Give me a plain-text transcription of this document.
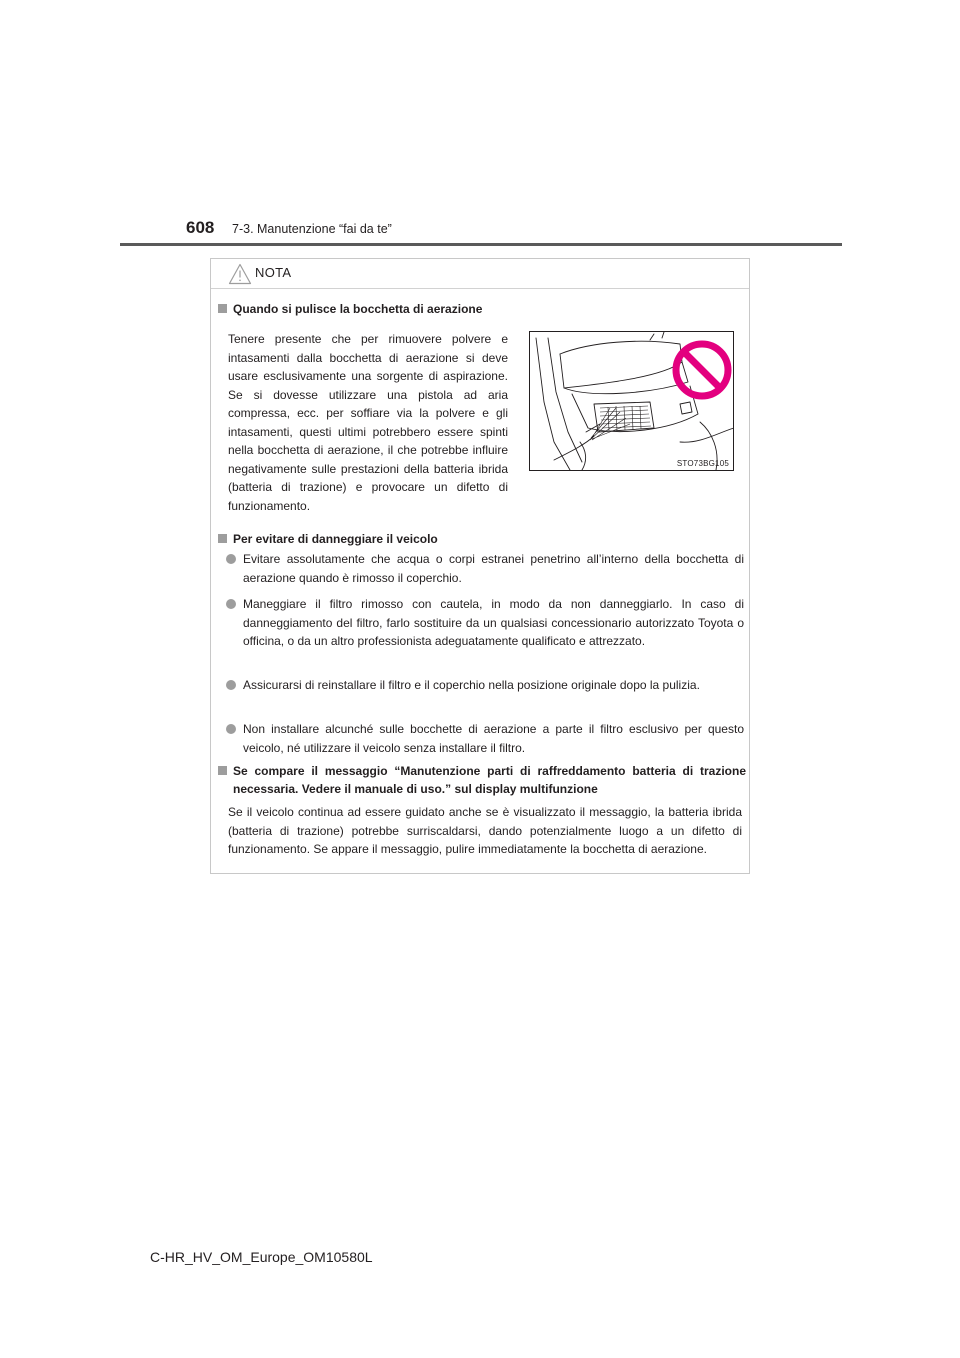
608 7-3. Manutenzione “fai da te”
NOTA
Quando si pulisce la bocchetta di aerazione
Tenere presente che per rimuovere polvere e intasamenti dalla bocchetta di aerazione si deve usare esclusivamente una sorgente di aspirazione. Se si dovesse utilizzare una pistola ad aria compressa, ecc. per soffiare via la polvere e gli intasamenti, questi ultimi potrebbero essere spinti nella bocchetta di aerazione, il che potrebbe influire negativamente sulle prestazioni della batteria ibrida (batteria di trazione) e provocare un difetto di funzionamento.
STO73BG105
Per evitare di danneggiare il veicolo
Evitare assolutamente che acqua o corpi estranei penetrino all’interno della bocchetta di aerazione quando è rimosso il coperchio.
Maneggiare il filtro rimosso con cautela, in modo da non danneggiarlo. In caso di danneggiamento del filtro, farlo sostituire da un qualsiasi concessionario autorizzato Toyota o officina, o da un altro professionista adeguatamente qualificato e attrezzato.
Assicurarsi di reinstallare il filtro e il coperchio nella posizione originale dopo la pulizia.
Non installare alcunché sulle bocchette di aerazione a parte il filtro esclusivo per questo veicolo, né utilizzare il veicolo senza installare il filtro.
Se compare il messaggio “Manutenzione parti di raffreddamento batteria di trazione necessaria. Vedere il manuale di uso.” sul display multifunzione
Se il veicolo continua ad essere guidato anche se è visualizzato il messaggio, la batteria ibrida (batteria di trazione) potrebbe surriscaldarsi, dando potenzialmente luogo a un difetto di funzionamento. Se appare il messaggio, pulire immediatamente la bocchetta di aerazione.
C-HR_HV_OM_Europe_OM10580L
